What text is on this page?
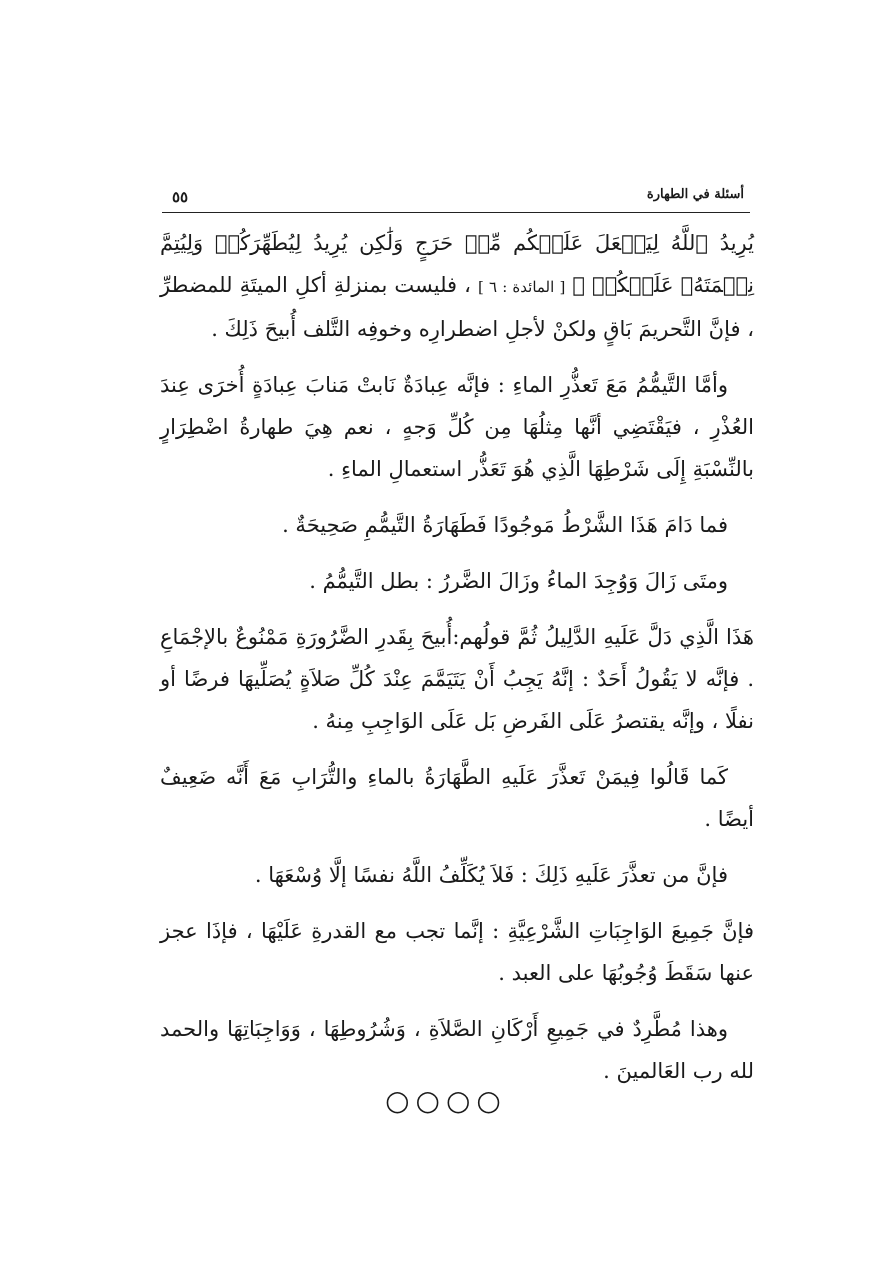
٥٥	أسئلة في الطهارة

يُرِيدُ ٱللَّهُ لِيَجۡعَلَ عَلَيۡكُم مِّنۡ حَرَجٍ وَلَٰكِن يُرِيدُ لِيُطَهِّرَكُمۡ وَلِيُتِمَّ نِعۡمَتَهُۥ عَلَيۡكُمۡ ﴾ [ المائدة : ٦ ] ، فليست بمنزلةِ أكلِ الميتَةِ للمضطرِّ ، فإنَّ التَّحريمَ بَاقٍ ولكنْ لأجلِ اضطرارِه وخوفِه التَّلف أُبيحَ ذَلِكَ .

وأمَّا التَّيمُّمُ مَعَ تَعذُّرِ الماءِ : فإنَّه عِبادَةٌ نَابتْ مَنابَ عِبادَةٍ أُخرَى عِندَ العُذْرِ ، فيَقْتَضِي أنَّها مِثلُهَا مِن كُلِّ وَجهٍ ، نعم هِيَ طهارةُ اضْطِرَارٍ بالنِّسْبَةِ إِلَى شَرْطِهَا الَّذِي هُوَ تَعَذُّر استعمالِ الماءِ .

فما دَامَ هَذَا الشَّرْطُ مَوجُودًا فَطَهَارَةُ التَّيمُّمِ صَحِيحَةٌ .

ومتَى زَالَ وَوُجِدَ الماءُ وزَالَ الضَّررُ : بطل التَّيمُّمُ .

هَذَا الَّذِي دَلَّ عَلَيهِ الدَّلِيلُ ثُمَّ قولُهم:أُبيحَ بِقَدرِ الضَّرُورَةِ مَمْنُوعٌ بالإجْمَاعِ . فإنَّه لا يَقُولُ أَحَدٌ : إنَّهُ يَجِبُ أَنْ يَتَيَمَّمَ عِنْدَ كُلِّ صَلاَةٍ يُصَلِّيهَا فرضًا أو نفلًا ، وإنَّه يقتصرُ عَلَى الفَرضِ بَل عَلَى الوَاجِبِ مِنهُ .

كَما قَالُوا فِيمَنْ تَعذَّرَ عَلَيهِ الطَّهَارَةُ بالماءِ والتُّرَابِ مَعَ أَنَّه ضَعِيفٌ أيضًا .

فإنَّ من تعذَّرَ عَلَيهِ ذَلِكَ : فَلاَ يُكَلِّفُ اللَّهُ نفسًا إلَّا وُسْعَهَا .

فإنَّ جَمِيعَ الوَاجِبَاتِ الشَّرْعِيَّةِ : إنَّما تجب مع القدرةِ عَلَيْهَا ، فإذَا عجز عنها سَقَطَ وُجُوبُهَا على العبد .

وهذا مُطَّرِدٌ في جَمِيعِ أَرْكَانِ الصَّلاَةِ ، وَشُرُوطِهَا ، وَوَاجِبَاتِهَا والحمد لله رب العَالمينَ .

○○○○
